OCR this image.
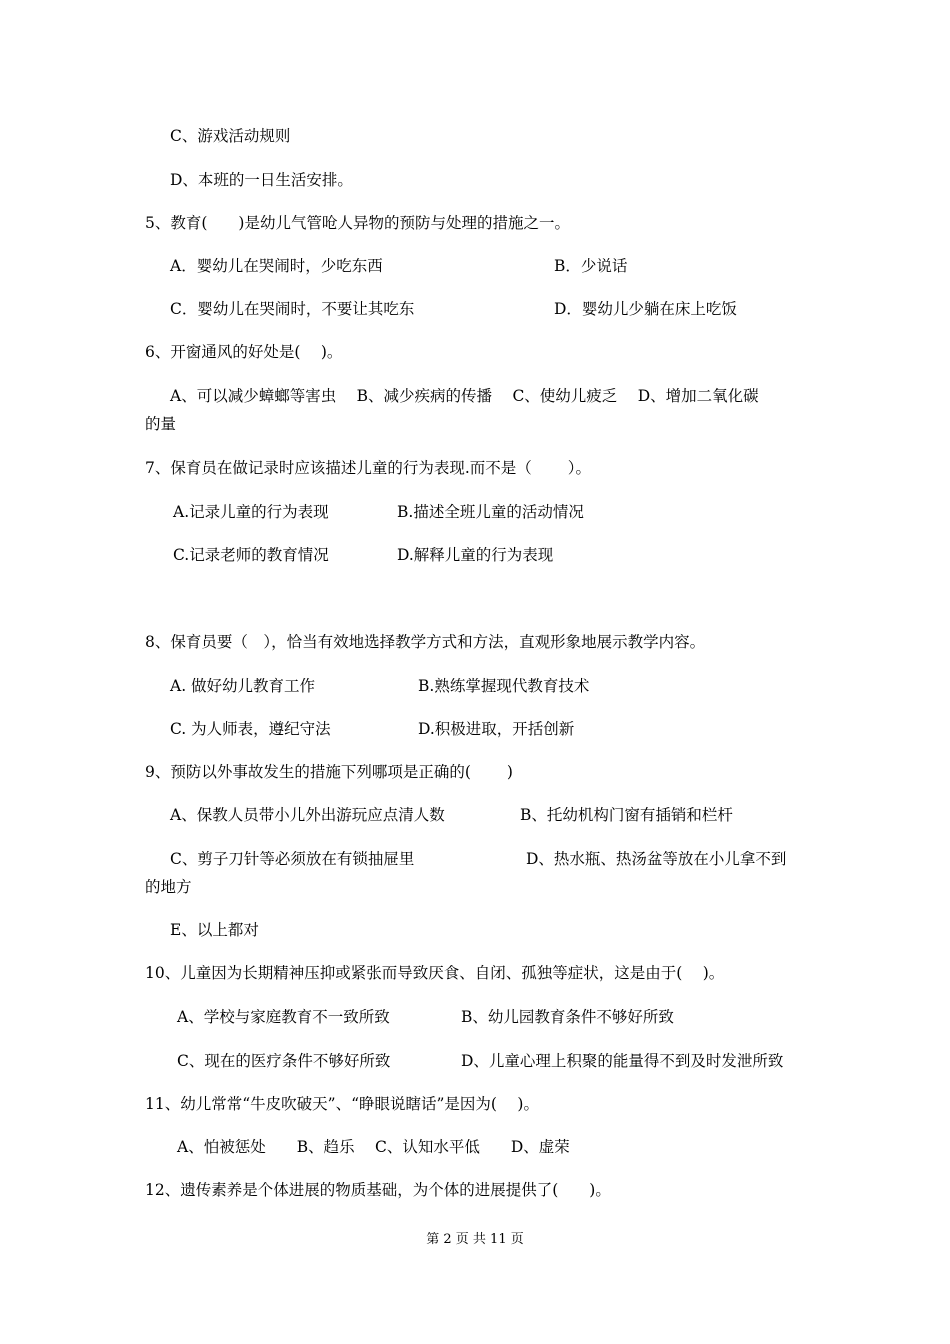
C、游戏活动规则
D、本班的一日生活安排。
5、教育(　　)是幼儿气管呛人异物的预防与处理的措施之一。
A．婴幼儿在哭闹时，少吃东西	B．少说话
C．婴幼儿在哭闹时，不要让其吃东	D．婴幼儿少躺在床上吃饭
6、开窗通风的好处是(　 )。
A、可以减少蟑螂等害虫　 B、减少疾病的传播　 C、使幼儿疲乏　 D、增加二氧化碳
的量
7、保育员在做记录时应该描述儿童的行为表现.而不是（　　 ）。
A.记录儿童的行为表现	B.描述全班儿童的活动情况
C.记录老师的教育情况	D.解释儿童的行为表现
8、保育员要（　），恰当有效地选择教学方式和方法，直观形象地展示教学内容。
A. 做好幼儿教育工作	B.熟练掌握现代教育技术
C. 为人师表，遵纪守法	D.积极进取，开括创新
9、预防以外事故发生的措施下列哪项是正确的(　　 )
A、保教人员带小儿外出游玩应点清人数	B、托幼机构门窗有插销和栏杆
C、剪子刀针等必须放在有锁抽屉里	D、热水瓶、热汤盆等放在小儿拿不到
的地方
E、以上都对
10、儿童因为长期精神压抑或紧张而导致厌食、自闭、孤独等症状，这是由于(　 )。
A、学校与家庭教育不一致所致	B、幼儿园教育条件不够好所致
C、现在的医疗条件不够好所致	D、儿童心理上积聚的能量得不到及时发泄所致
11、幼儿常常“牛皮吹破天”、“睁眼说瞎话”是因为(　 )。
A、怕被惩处　　B、趋乐　 C、认知水平低　　D、虚荣
12、遗传素养是个体进展的物质基础，为个体的进展提供了(　　)。
第 2 页 共 11 页
